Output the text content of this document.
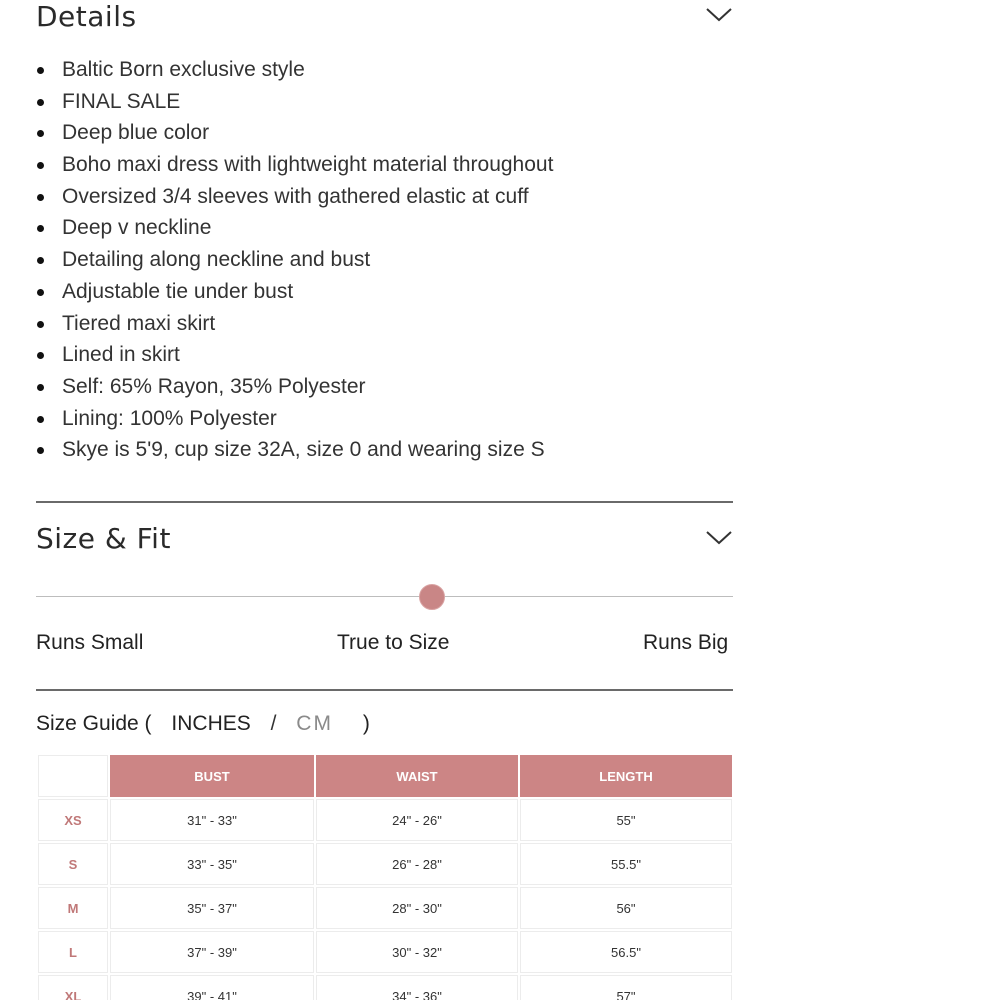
Details
Baltic Born exclusive style
FINAL SALE
Deep blue color
Boho maxi dress with lightweight material throughout
Oversized 3/4 sleeves with gathered elastic at cuff
Deep v neckline
Detailing along neckline and bust
Adjustable tie under bust
Tiered maxi skirt
Lined in skirt
Self: 65% Rayon, 35% Polyester
Lining: 100% Polyester
Skye is 5'9, cup size 32A, size 0 and wearing size S
Size & Fit
Runs Small	True to Size	Runs Big
Size Guide ( INCHES / CM )
	BUST	WAIST	LENGTH
XS	31" - 33"	24" - 26"	55"
S	33" - 35"	26" - 28"	55.5"
M	35" - 37"	28" - 30"	56"
L	37" - 39"	30" - 32"	56.5"
XL	39" - 41"	34" - 36"	57"
